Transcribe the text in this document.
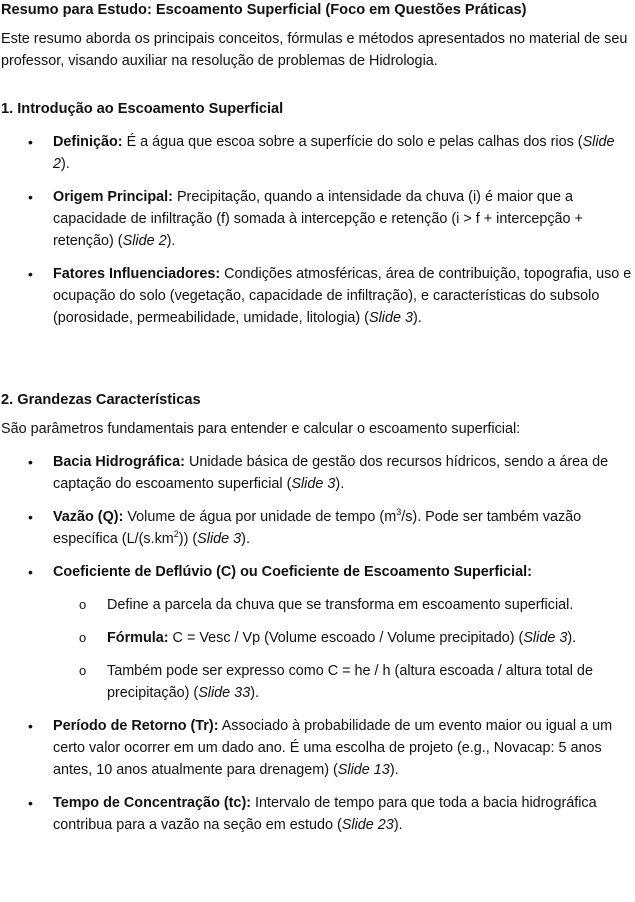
Resumo para Estudo: Escoamento Superficial (Foco em Questões Práticas)

Este resumo aborda os principais conceitos, fórmulas e métodos apresentados no material de seu professor, visando auxiliar na resolução de problemas de Hidrologia.

1. Introdução ao Escoamento Superficial
• Definição: É a água que escoa sobre a superfície do solo e pelas calhas dos rios (Slide 2).
• Origem Principal: Precipitação, quando a intensidade da chuva (i) é maior que a capacidade de infiltração (f) somada à intercepção e retenção (i > f + intercepção + retenção) (Slide 2).
• Fatores Influenciadores: Condições atmosféricas, área de contribuição, topografia, uso e ocupação do solo (vegetação, capacidade de infiltração), e características do subsolo (porosidade, permeabilidade, umidade, litologia) (Slide 3).
2. Grandezas Características

São parâmetros fundamentais para entender e calcular o escoamento superficial:

• Bacia Hidrográfica: Unidade básica de gestão dos recursos hídricos, sendo a área de captação do escoamento superficial (Slide 3).
• Vazão (Q): Volume de água por unidade de tempo $(m^3/s)$. Pode ser também vazão específica $(L/(s.km^2))$ (Slide 3).
• Coeficiente de Deflúvio (C) ou Coeficiente de Escoamento Superficial:
o Define a parcela da chuva que se transforma em escoamento superficial.
o Fórmula: C = Vesc / Vp (Volume escoado / Volume precipitado) (Slide 3).
o Também pode ser expresso como C = he / h (altura escoada / altura total de precipitação) (Slide 33).
• Período de Retorno (Tr): Associado à probabilidade de um evento maior ou igual a um certo valor ocorrer em um dado ano. É uma escolha de projeto (e.g., Novacap: 5 anos antes, 10 anos atualmente para drenagem) (Slide 13).
• Tempo de Concentração (tc): Intervalo de tempo para que toda a bacia hidrográfica contribua para a vazão na seção em estudo (Slide 23).
